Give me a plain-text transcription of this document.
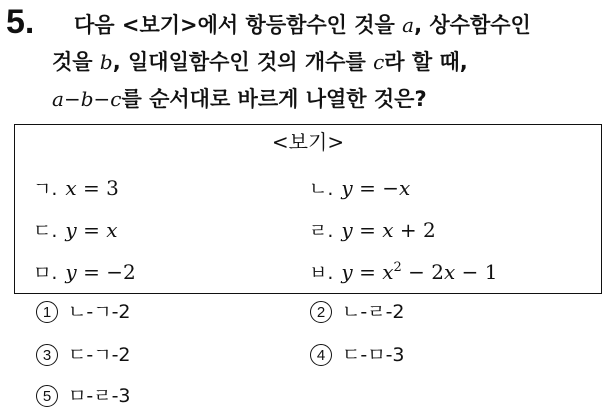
5. 다음 <보기>에서 항등함수인 것을 a, 상수함수인
것을 b, 일대일함수인 것의 개수를 c라 할 때,
a−b−c를 순서대로 바르게 나열한 것은?
<보기>
ㄱ. x = 3	ㄴ. y = −x
ㄷ. y = x	ㄹ. y = x + 2
ㅁ. y = −2	ㅂ. $y = x^2 - 2x - 1$
1 ㄴ-ㄱ-2	2 ㄴ-ㄹ-2
3 ㄷ-ㄱ-2	4 ㄷ-ㅁ-3
5 ㅁ-ㄹ-3
